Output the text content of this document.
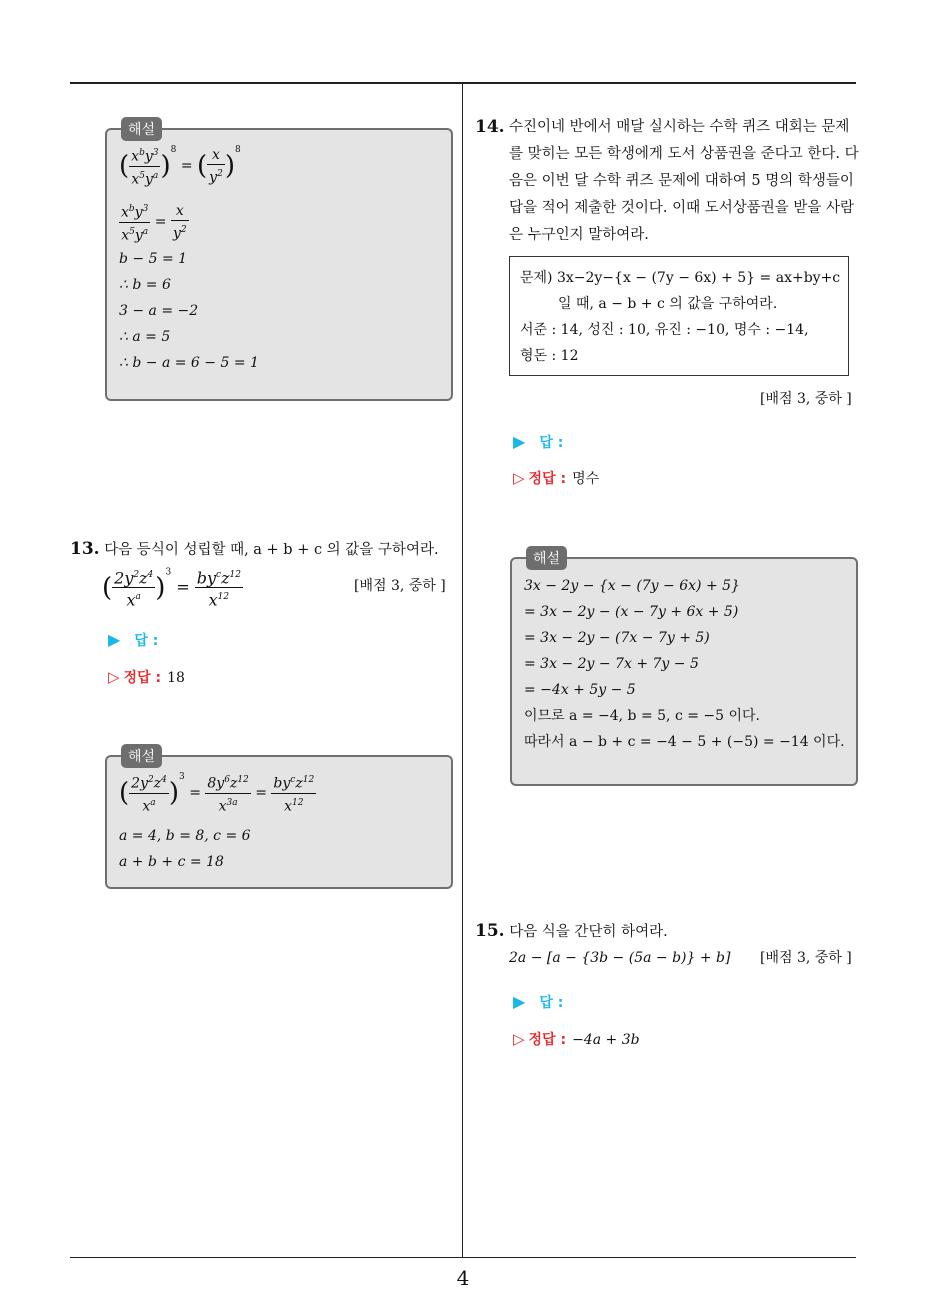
해설
( $\frac{x^by^3}{x^5y^a} )^8$ = ( $\frac{x}{y^2} )^8$
$\frac{x^by^3}{x^5y^a} = \frac{x}{y^2}$
b − 5 = 1
∴ b = 6
3 − a = −2
∴ a = 5
∴ b − a = 6 − 5 = 1
13. 다음 등식이 성립할 때, a + b + c 의 값을 구하여라.
( $\frac{2y^2z^4}{x^a} )^3 = \frac{by^cz^{12}}{x^{12}}$	[배점 3, 중하 ]
▶ 답 :
▷ 정답 : 18
해설
( $\frac{2y^2z^4}{x^a} )^3 = \frac{8y^6z^{12}}{x^{3a}} = \frac{by^cz^{12}}{x^{12}}$
a = 4, b = 8, c = 6
a + b + c = 18
14. 수진이네 반에서 매달 실시하는 수학 퀴즈 대회는 문제를 맞히는 모든 학생에게 도서 상품권을 준다고 한다. 다음은 이번 달 수학 퀴즈 문제에 대하여 5 명의 학생들이 답을 적어 제출한 것이다. 이때 도서상품권을 받을 사람은 누구인지 말하여라.
문제) 3x−2y−{x − (7y − 6x) + 5} = ax+by+c
일 때, a − b + c 의 값을 구하여라.
서준 : 14, 성진 : 10, 유진 : −10, 명수 : −14,
형돈 : 12
[배점 3, 중하 ]
▶ 답 :
▷ 정답 : 명수
해설
3x − 2y − {x − (7y − 6x) + 5}
= 3x − 2y − (x − 7y + 6x + 5)
= 3x − 2y − (7x − 7y + 5)
= 3x − 2y − 7x + 7y − 5
= −4x + 5y − 5
이므로 a = −4, b = 5, c = −5 이다.
따라서 a − b + c = −4 − 5 + (−5) = −14 이다.
15. 다음 식을 간단히 하여라.
2a − [a − {3b − (5a − b)} + b]	[배점 3, 중하 ]
▶ 답 :
▷ 정답 : −4a + 3b
4
